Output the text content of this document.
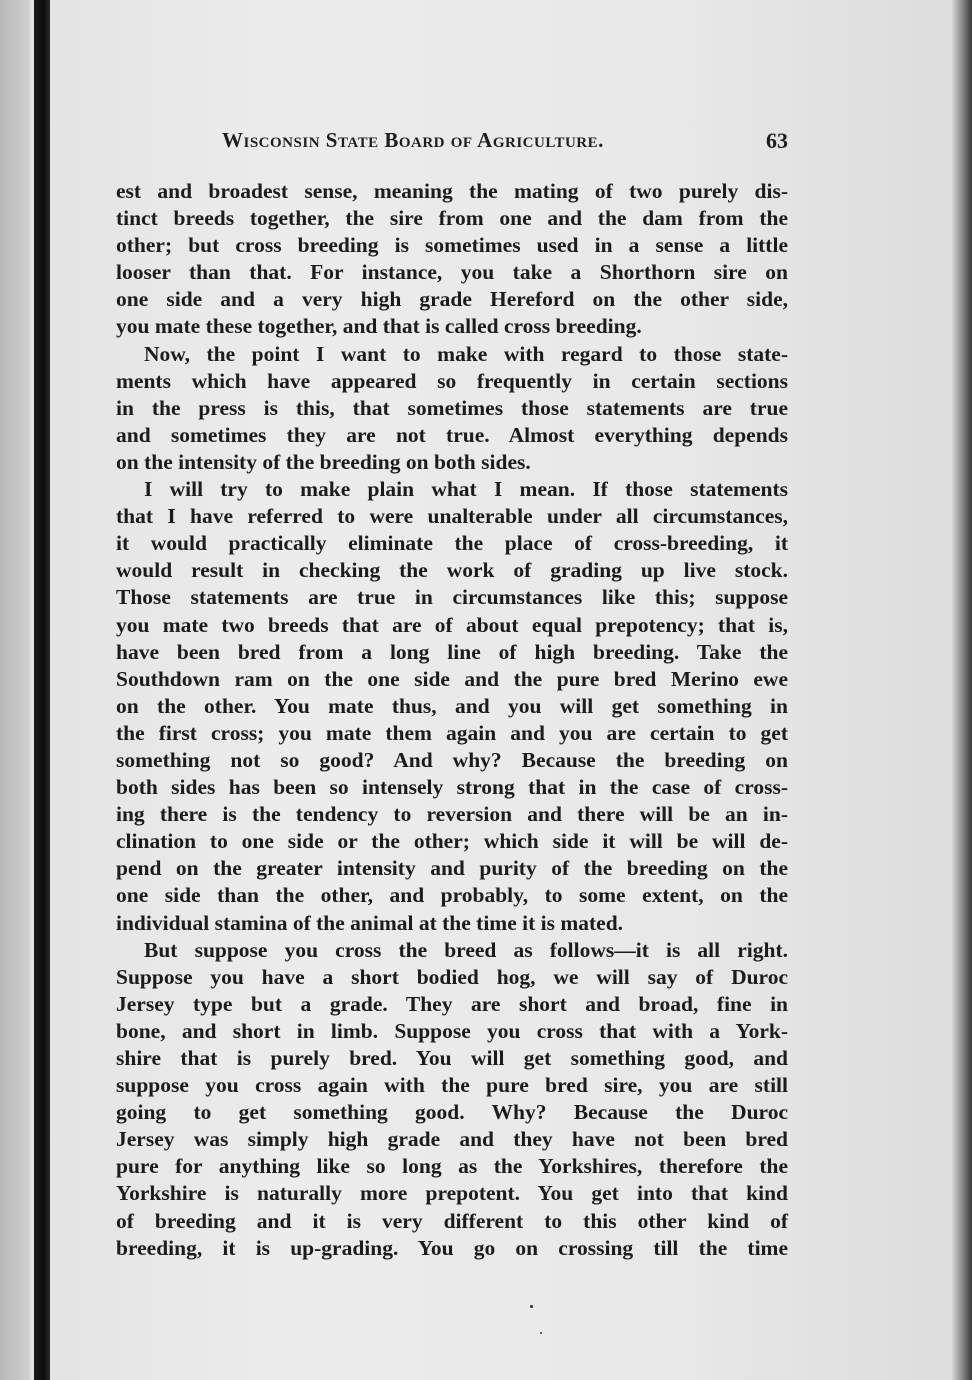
Wisconsin State Board of Agriculture.	63
est and broadest sense, meaning the mating of two purely dis-
tinct breeds together, the sire from one and the dam from the
other; but cross breeding is sometimes used in a sense a little
looser than that. For instance, you take a Shorthorn sire on
one side and a very high grade Hereford on the other side,
you mate these together, and that is called cross breeding.
Now, the point I want to make with regard to those state-
ments which have appeared so frequently in certain sections
in the press is this, that sometimes those statements are true
and sometimes they are not true. Almost everything depends
on the intensity of the breeding on both sides.
I will try to make plain what I mean. If those statements
that I have referred to were unalterable under all circumstances,
it would practically eliminate the place of cross-breeding, it
would result in checking the work of grading up live stock.
Those statements are true in circumstances like this; suppose
you mate two breeds that are of about equal prepotency; that is,
have been bred from a long line of high breeding. Take the
Southdown ram on the one side and the pure bred Merino ewe
on the other. You mate thus, and you will get something in
the first cross; you mate them again and you are certain to get
something not so good? And why? Because the breeding on
both sides has been so intensely strong that in the case of cross-
ing there is the tendency to reversion and there will be an in-
clination to one side or the other; which side it will be will de-
pend on the greater intensity and purity of the breeding on the
one side than the other, and probably, to some extent, on the
individual stamina of the animal at the time it is mated.
But suppose you cross the breed as follows—it is all right.
Suppose you have a short bodied hog, we will say of Duroc
Jersey type but a grade. They are short and broad, fine in
bone, and short in limb. Suppose you cross that with a York-
shire that is purely bred. You will get something good, and
suppose you cross again with the pure bred sire, you are still
going to get something good. Why? Because the Duroc
Jersey was simply high grade and they have not been bred
pure for anything like so long as the Yorkshires, therefore the
Yorkshire is naturally more prepotent. You get into that kind
of breeding and it is very different to this other kind of
breeding, it is up-grading. You go on crossing till the time
